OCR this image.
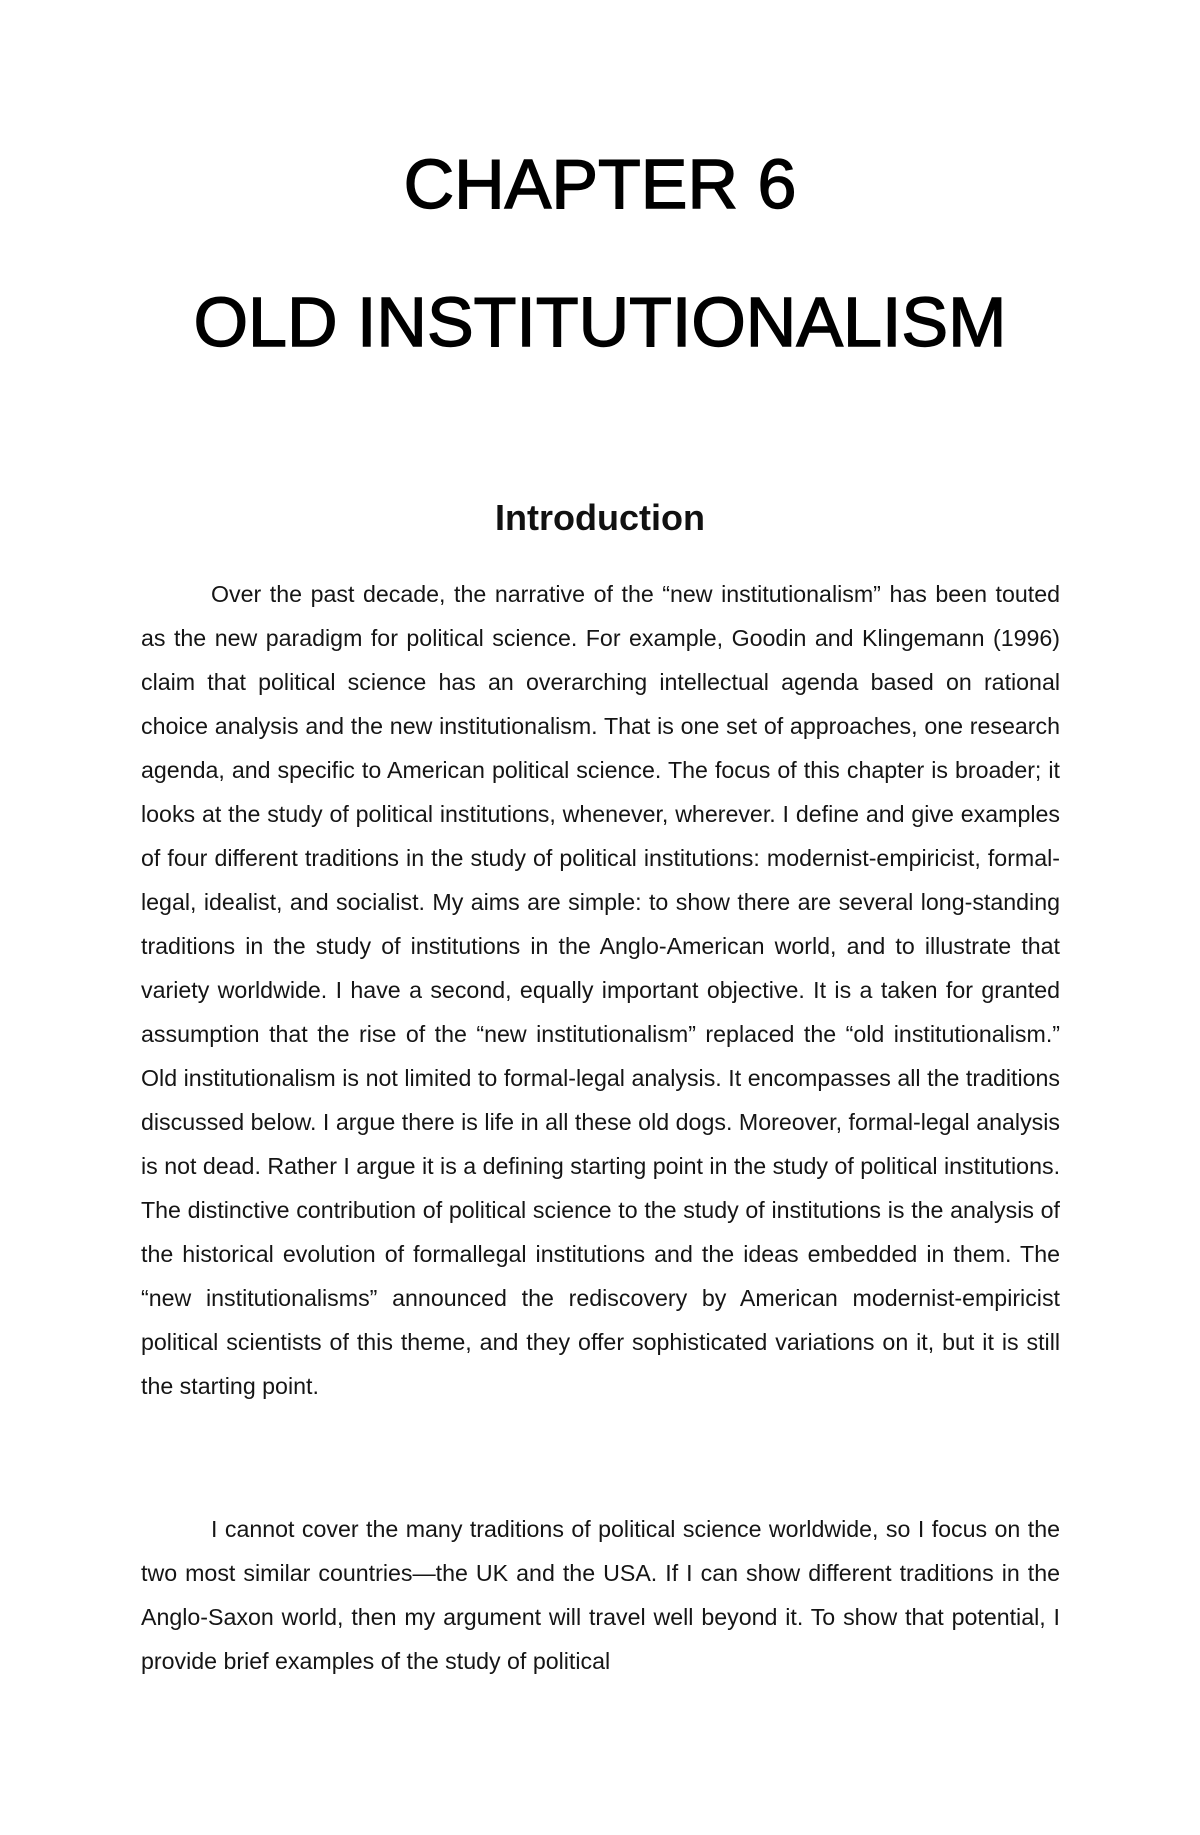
CHAPTER 6
OLD INSTITUTIONALISM
Introduction

Over the past decade, the narrative of the “new institutionalism” has been touted as the new paradigm for political science. For example, Goodin and Klingemann (1996) claim that political science has an overarching intellectual agenda based on rational choice analysis and the new institutionalism. That is one set of approaches, one research agenda, and specific to American political science. The focus of this chapter is broader; it looks at the study of political institutions, whenever, wherever. I define and give examples of four different traditions in the study of political institutions: modernist-empiricist, formal-legal, idealist, and socialist. My aims are simple: to show there are several long-standing traditions in the study of institutions in the Anglo-American world, and to illustrate that variety worldwide. I have a second, equally important objective. It is a taken for granted assumption that the rise of the “new institutionalism” replaced the “old institutionalism.” Old institutionalism is not limited to formal-legal analysis. It encompasses all the traditions discussed below. I argue there is life in all these old dogs. Moreover, formal-legal analysis is not dead. Rather I argue it is a defining starting point in the study of political institutions. The distinctive contribution of political science to the study of institutions is the analysis of the historical evolution of formallegal institutions and the ideas embedded in them. The “new institutionalisms” announced the rediscovery by American modernist-empiricist political scientists of this theme, and they offer sophisticated variations on it, but it is still the starting point.

I cannot cover the many traditions of political science worldwide, so I focus on the two most similar countries—the UK and the USA. If I can show different traditions in the Anglo-Saxon world, then my argument will travel well beyond it. To show that potential, I provide brief examples of the study of political
